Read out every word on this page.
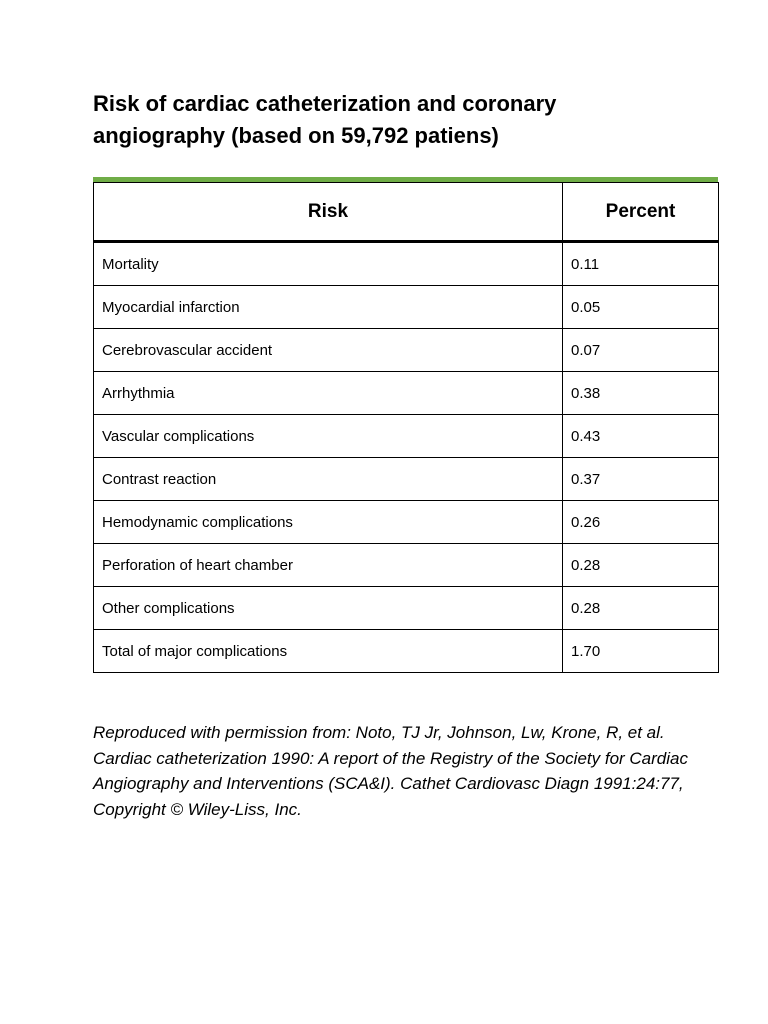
Risk of cardiac catheterization and coronary angiography (based on 59,792 patiens)
Risk	Percent
Mortality	0.11
Myocardial infarction	0.05
Cerebrovascular accident	0.07
Arrhythmia	0.38
Vascular complications	0.43
Contrast reaction	0.37
Hemodynamic complications	0.26
Perforation of heart chamber	0.28
Other complications	0.28
Total of major complications	1.70

Reproduced with permission from: Noto, TJ Jr, Johnson, Lw, Krone, R, et al. Cardiac catheterization 1990: A report of the Registry of the Society for Cardiac Angiography and Interventions (SCA&I). Cathet Cardiovasc Diagn 1991:24:77, Copyright © Wiley-Liss, Inc.
